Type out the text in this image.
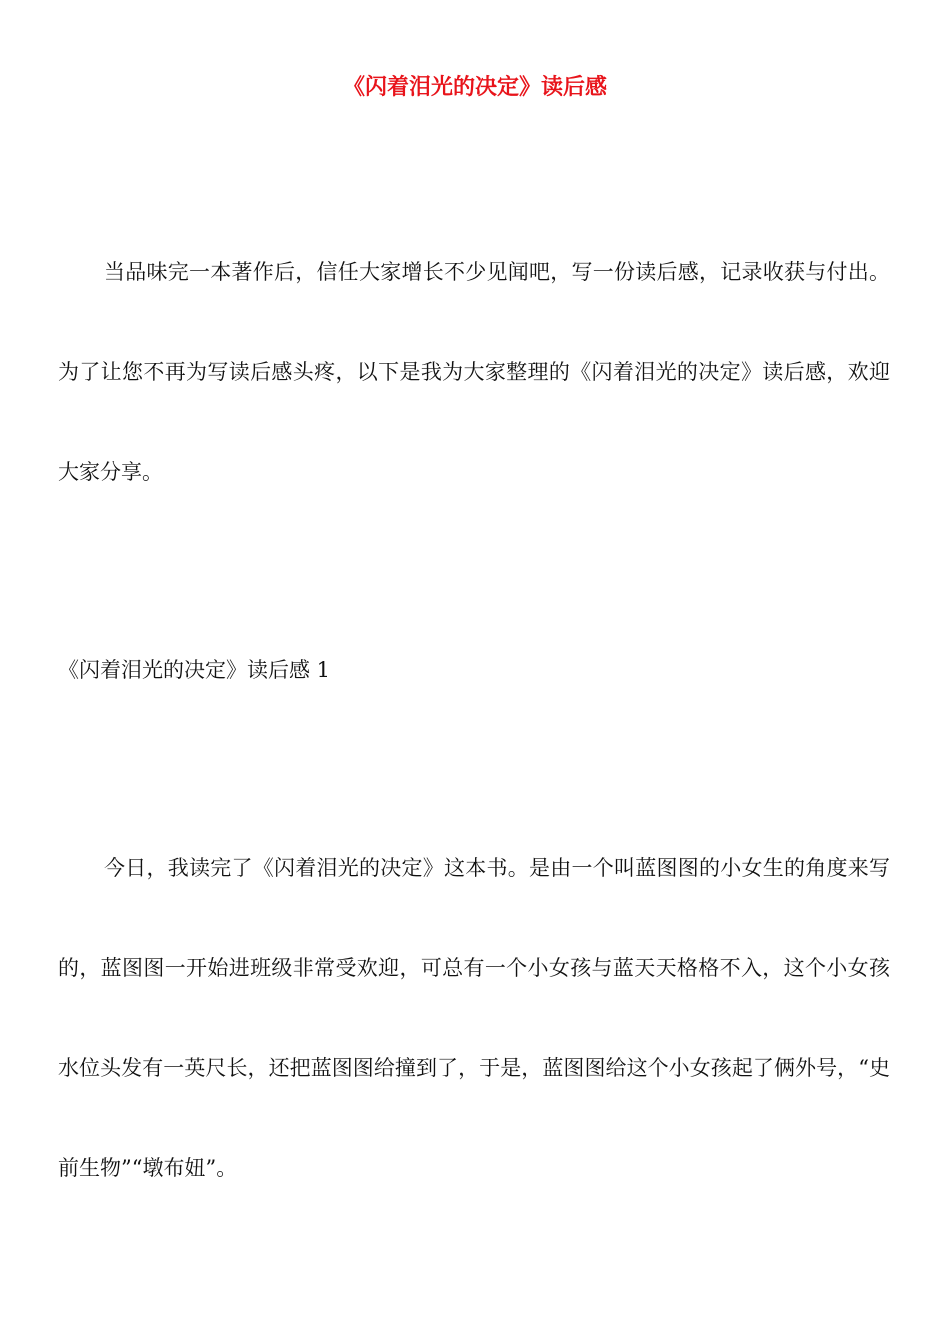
《闪着泪光的决定》读后感

当品味完一本著作后，信任大家增长不少见闻吧，写一份读后感，记录收获与付出。为了让您不再为写读后感头疼，以下是我为大家整理的《闪着泪光的决定》读后感，欢迎大家分享。

《闪着泪光的决定》读后感 1

今日，我读完了《闪着泪光的决定》这本书。是由一个叫蓝图图的小女生的角度来写的，蓝图图一开始进班级非常受欢迎，可总有一个小女孩与蓝天天格格不入，这个小女孩水位头发有一英尺长，还把蓝图图给撞到了，于是，蓝图图给这个小女孩起了俩外号，“史前生物”“墩布妞”。
